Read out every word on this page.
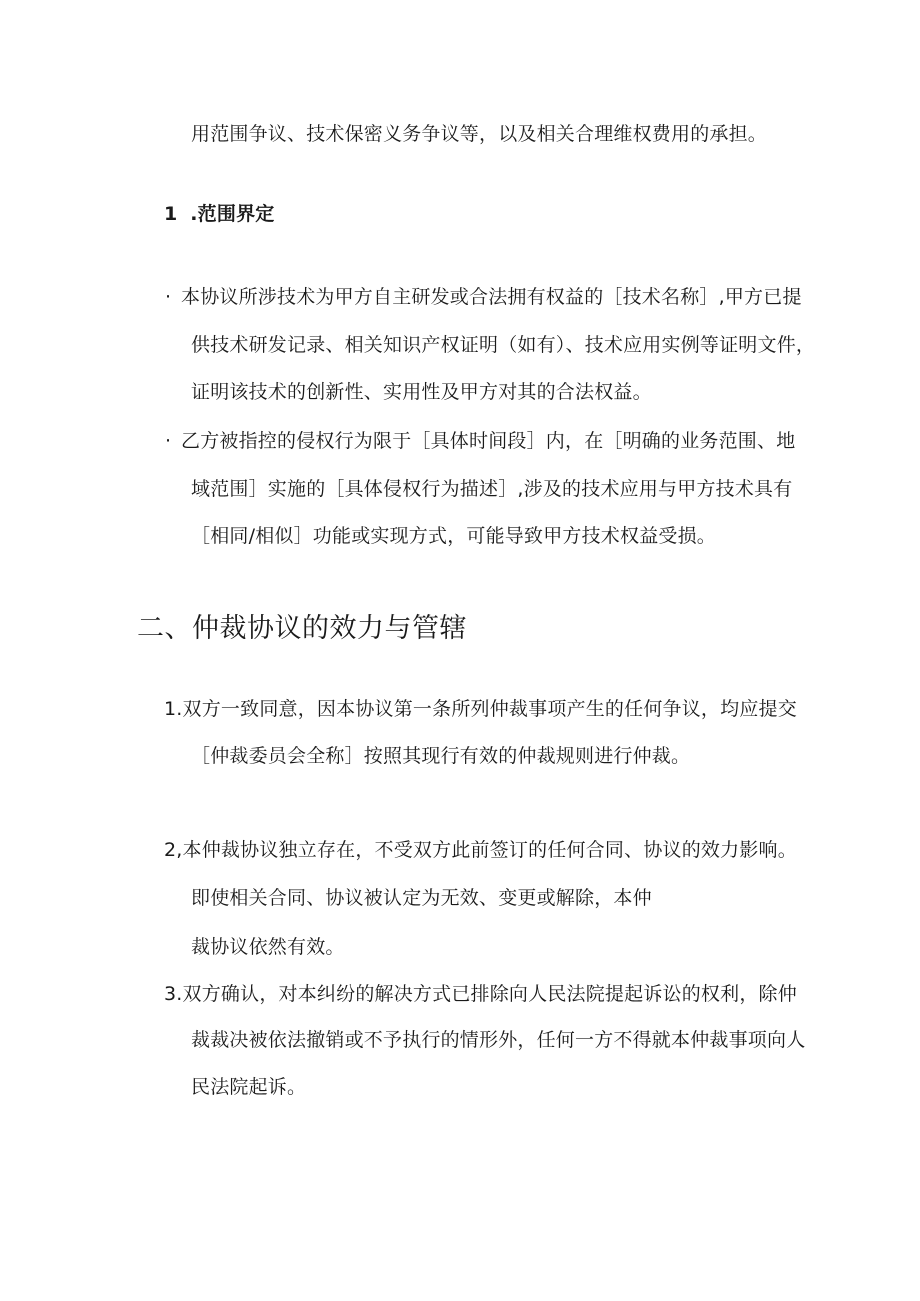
用范围争议、技术保密义务争议等，以及相关合理维权费用的承担。
1 .范围界定
· 本协议所涉技术为甲方自主研发或合法拥有权益的［技术名称］,甲方已提
供技术研发记录、相关知识产权证明（如有）、技术应用实例等证明文件，
证明该技术的创新性、实用性及甲方对其的合法权益。
· 乙方被指控的侵权行为限于［具体时间段］内，在［明确的业务范围、地
域范围］实施的［具体侵权行为描述］,涉及的技术应用与甲方技术具有
［相同/相似］功能或实现方式，可能导致甲方技术权益受损。
二、仲裁协议的效力与管辖
1.双方一致同意，因本协议第一条所列仲裁事项产生的任何争议，均应提交
［仲裁委员会全称］按照其现行有效的仲裁规则进行仲裁。
2,本仲裁协议独立存在，不受双方此前签订的任何合同、协议的效力影响。
即使相关合同、协议被认定为无效、变更或解除，本仲
裁协议依然有效。
3.双方确认，对本纠纷的解决方式已排除向人民法院提起诉讼的权利，除仲
裁裁决被依法撤销或不予执行的情形外，任何一方不得就本仲裁事项向人
民法院起诉。
